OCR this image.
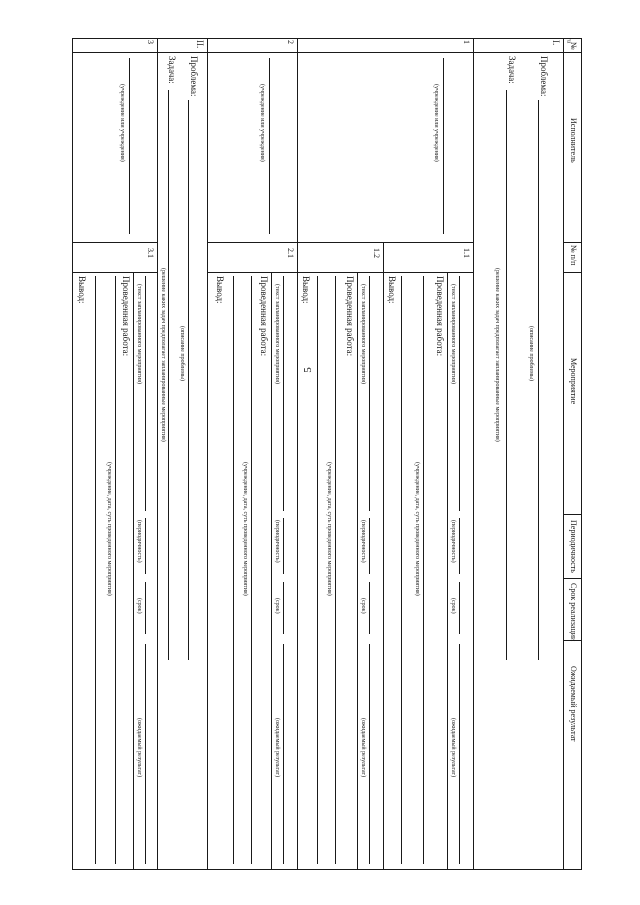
5
п.
№
Исполнитель
№ п/п
Мероприятие
Периодичность
Срок реализации
Ожидаемый результат
I.
Проблема:
(описание проблемы)
Задача:
(решение каких задач предполагает запланированные мероприятия)
1
(учреждение или учреждения)
1.1
(текст запланированного мероприятия)
(периодичность)
(срок)
(ожидаемый результат)
Проведенная работа:
(учреждение, дата, суть проведенного мероприятия)
Вывод:
1.2
(текст запланированного мероприятия)
(периодичность)
(срок)
(ожидаемый результат)
Проведенная работа:
(учреждение, дата, суть проведенного мероприятия)
Вывод:
2
(учреждение или учреждения)
2.1
(текст запланированного мероприятия)
(периодичность)
(срок)
(ожидаемый результат)
Проведенная работа:
(учреждение, дата, суть проведенного мероприятия)
Вывод:
II.
Проблема:
(описание проблемы)
Задача:
(решение каких задач предполагает запланированные мероприятия)
3
(учреждение или учреждения)
3.1
(текст запланированного мероприятия)
(периодичность)
(срок)
(ожидаемый результат)
Проведенная работа:
(учреждение, дата, суть проведенного мероприятия)
Вывод:
